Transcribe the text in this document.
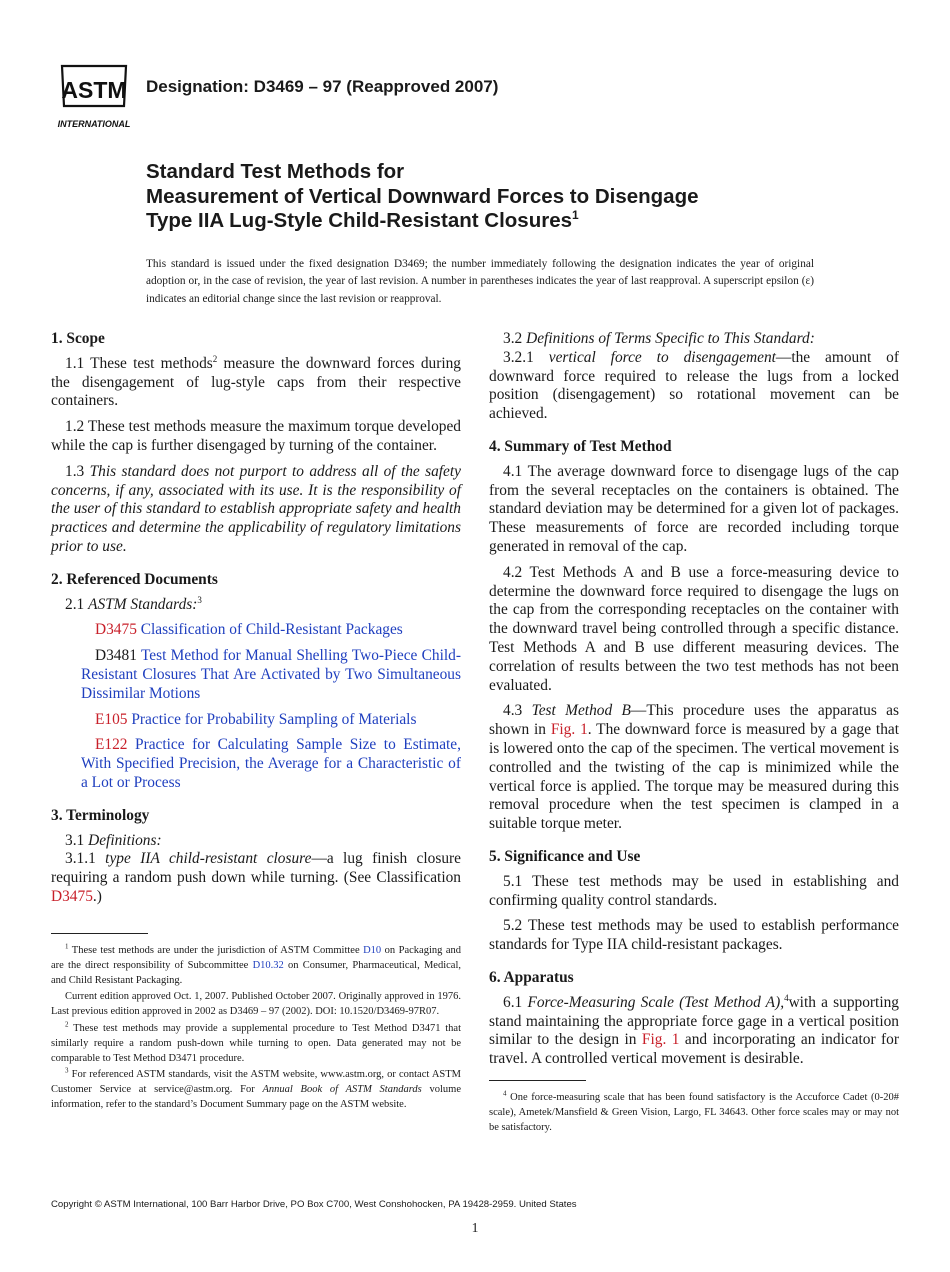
ASTM
INTERNATIONAL
Designation: D3469 – 97 (Reapproved 2007)
Standard Test Methods for
Measurement of Vertical Downward Forces to Disengage
Type IIA Lug-Style Child-Resistant Closures$^1$
This standard is issued under the fixed designation D3469; the number immediately following the designation indicates the year of original adoption or, in the case of revision, the year of last revision. A number in parentheses indicates the year of last reapproval. A superscript epsilon (ε) indicates an editorial change since the last revision or reapproval.
1. Scope

1.1 These test methods$^2$ measure the downward forces during the disengagement of lug-style caps from their respective containers.

1.2 These test methods measure the maximum torque developed while the cap is further disengaged by turning of the container.

1.3 This standard does not purport to address all of the safety concerns, if any, associated with its use. It is the responsibility of the user of this standard to establish appropriate safety and health practices and determine the applicability of regulatory limitations prior to use.

2. Referenced Documents

2.1 ASTM Standards:$^3$

D3475 Classification of Child-Resistant Packages

D3481 Test Method for Manual Shelling Two-Piece Child-Resistant Closures That Are Activated by Two Simultaneous Dissimilar Motions

E105 Practice for Probability Sampling of Materials

E122 Practice for Calculating Sample Size to Estimate, With Specified Precision, the Average for a Characteristic of a Lot or Process

3. Terminology

3.1 Definitions:

3.1.1 type IIA child-resistant closure—a lug finish closure requiring a random push down while turning. (See Classification D3475.)

$^1$ These test methods are under the jurisdiction of ASTM Committee D10 on Packaging and are the direct responsibility of Subcommittee D10.32 on Consumer, Pharmaceutical, Medical, and Child Resistant Packaging.

Current edition approved Oct. 1, 2007. Published October 2007. Originally approved in 1976. Last previous edition approved in 2002 as D3469 – 97 (2002). DOI: 10.1520/D3469-97R07.

$^2$ These test methods may provide a supplemental procedure to Test Method D3471 that similarly require a random push-down while turning to open. Data generated may not be comparable to Test Method D3471 procedure.

$^3$ For referenced ASTM standards, visit the ASTM website, www.astm.org, or contact ASTM Customer Service at service@astm.org. For Annual Book of ASTM Standards volume information, refer to the standard’s Document Summary page on the ASTM website.

3.2 Definitions of Terms Specific to This Standard:

3.2.1 vertical force to disengagement—the amount of downward force required to release the lugs from a locked position (disengagement) so rotational movement can be achieved.

4. Summary of Test Method

4.1 The average downward force to disengage lugs of the cap from the several receptacles on the containers is obtained. The standard deviation may be determined for a given lot of packages. These measurements of force are recorded including torque generated in removal of the cap.

4.2 Test Methods A and B use a force-measuring device to determine the downward force required to disengage the lugs on the cap from the corresponding receptacles on the container with the downward travel being controlled through a specific distance. Test Methods A and B use different measuring devices. The correlation of results between the two test methods has not been evaluated.

4.3 Test Method B—This procedure uses the apparatus as shown in Fig. 1. The downward force is measured by a gage that is lowered onto the cap of the specimen. The vertical movement is controlled and the twisting of the cap is minimized while the vertical force is applied. The torque may be measured during this removal procedure when the test specimen is clamped in a suitable torque meter.

5. Significance and Use

5.1 These test methods may be used in establishing and confirming quality control standards.

5.2 These test methods may be used to establish performance standards for Type IIA child-resistant packages.

6. Apparatus

6.1 Force-Measuring Scale (Test Method A),$^4$with a supporting stand maintaining the appropriate force gage in a vertical position similar to the design in Fig. 1 and incorporating an indicator for travel. A controlled vertical movement is desirable.

$^4$ One force-measuring scale that has been found satisfactory is the Accuforce Cadet (0-20# scale), Ametek/Mansfield & Green Vision, Largo, FL 34643. Other force scales may or may not be satisfactory.

Copyright © ASTM International, 100 Barr Harbor Drive, PO Box C700, West Conshohocken, PA 19428-2959. United States
1
